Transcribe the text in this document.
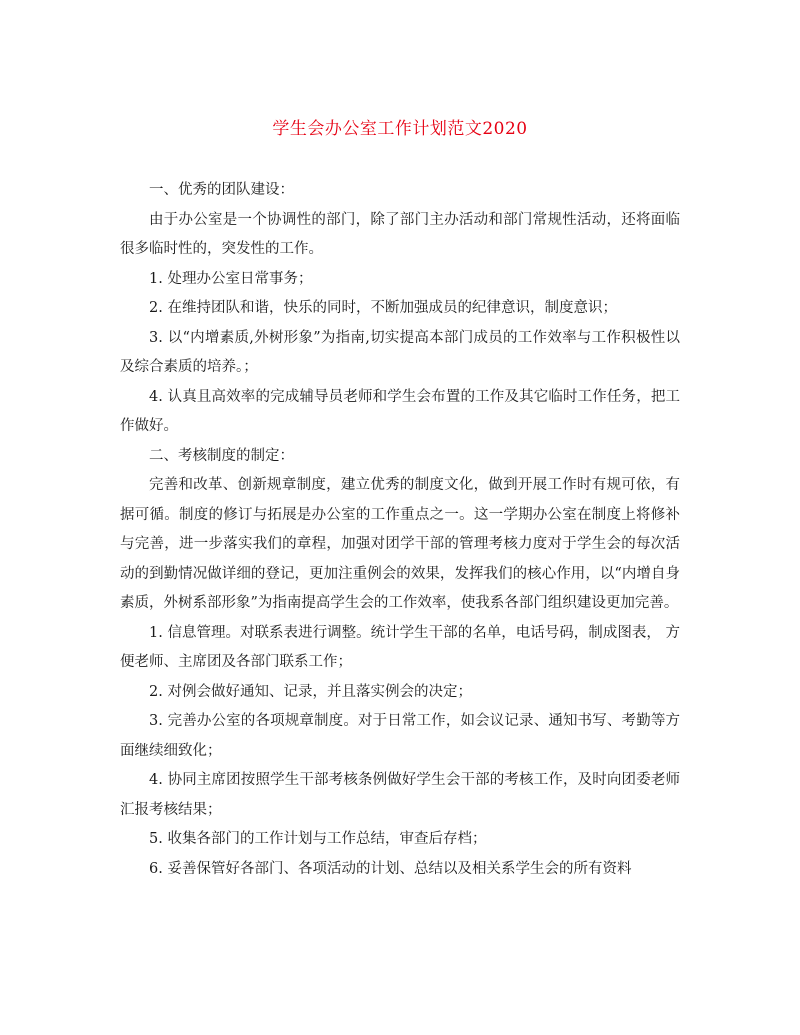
学生会办公室工作计划范文2020

一、优秀的团队建设：

由于办公室是一个协调性的部门，除了部门主办活动和部门常规性活动，还将面临很多临时性的，突发性的工作。

1. 处理办公室日常事务；

2. 在维持团队和谐，快乐的同时，不断加强成员的纪律意识，制度意识；

3. 以“内增素质,外树形象”为指南,切实提高本部门成员的工作效率与工作积极性以及综合素质的培养。；

4. 认真且高效率的完成辅导员老师和学生会布置的工作及其它临时工作任务，把工作做好。

二、考核制度的制定：

完善和改革、创新规章制度，建立优秀的制度文化，做到开展工作时有规可依，有据可循。制度的修订与拓展是办公室的工作重点之一。这一学期办公室在制度上将修补与完善，进一步落实我们的章程，加强对团学干部的管理考核力度对于学生会的每次活动的到勤情况做详细的登记，更加注重例会的效果，发挥我们的核心作用，以“内增自身素质，外树系部形象”为指南提高学生会的工作效率，使我系各部门组织建设更加完善。

1. 信息管理。对联系表进行调整。统计学生干部的名单，电话号码，制成图表， 方便老师、主席团及各部门联系工作；

2. 对例会做好通知、记录，并且落实例会的决定；

3. 完善办公室的各项规章制度。对于日常工作，如会议记录、通知书写、考勤等方面继续细致化；

4. 协同主席团按照学生干部考核条例做好学生会干部的考核工作，及时向团委老师汇报考核结果；

5. 收集各部门的工作计划与工作总结，审查后存档；

6. 妥善保管好各部门、各项活动的计划、总结以及相关系学生会的所有资料
